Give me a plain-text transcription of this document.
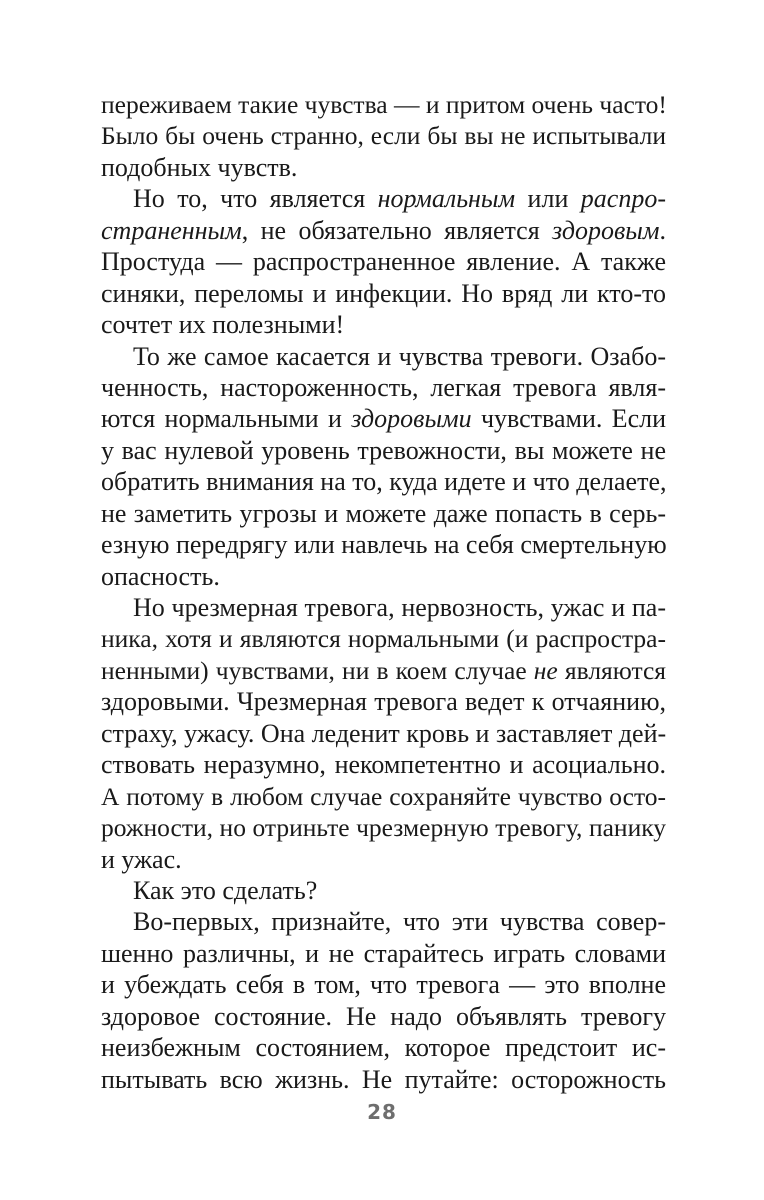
переживаем такие чувства — и притом очень часто!
Было бы очень странно, если бы вы не испытывали
подобных чувств.
Но то, что является нормальным или распро-
страненным, не обязательно является здоровым.
Простуда — распространенное явление. А также
синяки, переломы и инфекции. Но вряд ли кто-то
сочтет их полезными!
То же самое касается и чувства тревоги. Озабо-
ченность, настороженность, легкая тревога явля-
ются нормальными и здоровыми чувствами. Если
у вас нулевой уровень тревожности, вы можете не
обратить внимания на то, куда идете и что делаете,
не заметить угрозы и можете даже попасть в серь-
езную передрягу или навлечь на себя смертельную
опасность.
Но чрезмерная тревога, нервозность, ужас и па-
ника, хотя и являются нормальными (и распростра-
ненными) чувствами, ни в коем случае не являются
здоровыми. Чрезмерная тревога ведет к отчаянию,
страху, ужасу. Она леденит кровь и заставляет дей-
ствовать неразумно, некомпетентно и асоциально.
А потому в любом случае сохраняйте чувство осто-
рожности, но отриньте чрезмерную тревогу, панику
и ужас.
Как это сделать?
Во-первых, признайте, что эти чувства совер-
шенно различны, и не старайтесь играть словами
и убеждать себя в том, что тревога — это вполне
здоровое состояние. Не надо объявлять тревогу
неизбежным состоянием, которое предстоит ис-
пытывать всю жизнь. Не путайте: осторожность
28
